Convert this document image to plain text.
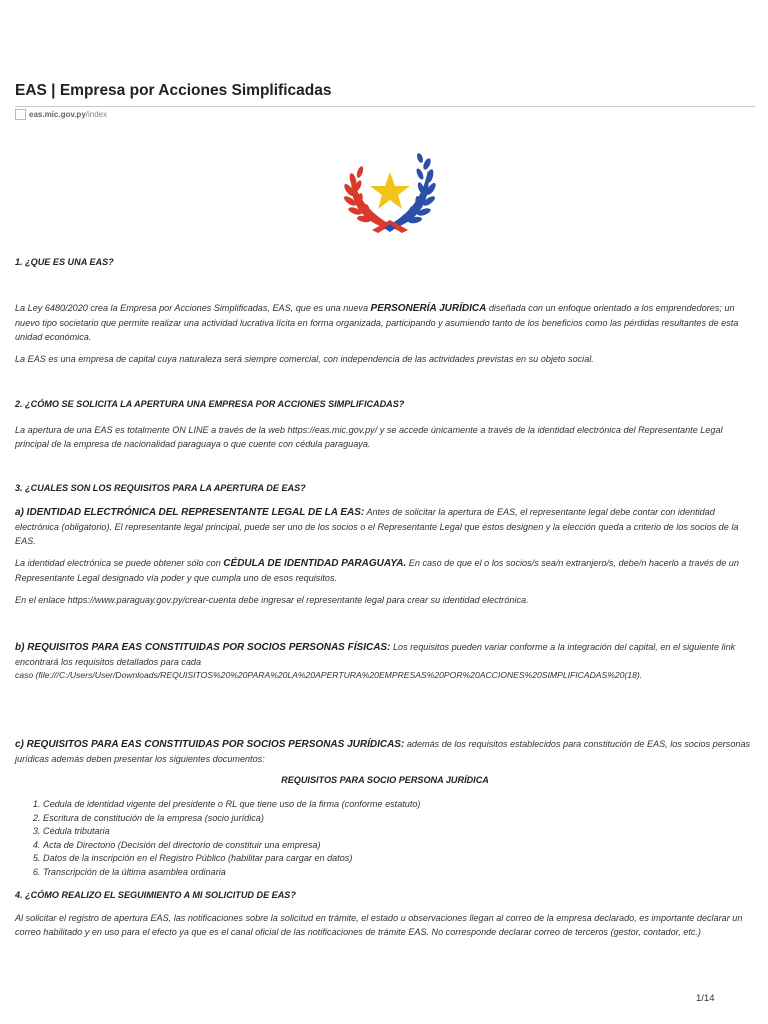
EAS | Empresa por Acciones Simplificadas
eas.mic.gov.py/index
1. ¿QUE ES UNA EAS?

La Ley 6480/2020 crea la Empresa por Acciones Simplificadas, EAS, que es una nueva PERSONERÍA JURÍDICA diseñada con un enfoque orientado a los emprendedores; un nuevo tipo societario que permite realizar una actividad lucrativa lícita en forma organizada, participando y asumiendo tanto de los beneficios como las pérdidas resultantes de esta unidad económica.

La EAS es una empresa de capital cuya naturaleza será siempre comercial, con independencia de las actividades previstas en su objeto social.

2. ¿CÓMO SE SOLICITA LA APERTURA UNA EMPRESA POR ACCIONES SIMPLIFICADAS?

La apertura de una EAS es totalmente ON LINE a través de la web https://eas.mic.gov.py/ y se accede únicamente a través de la identidad electrónica del Representante Legal principal de la empresa de nacionalidad paraguaya o que cuente con cédula paraguaya.

3. ¿CUALES SON LOS REQUISITOS PARA LA APERTURA DE EAS?

a) IDENTIDAD ELECTRÓNICA DEL REPRESENTANTE LEGAL DE LA EAS: Antes de solicitar la apertura de EAS, el representante legal debe contar con identidad electrónica (obligatorio). El representante legal principal, puede ser uno de los socios o el Representante Legal que éstos designen y la elección queda a criterio de los socios de la EAS.

La identidad electrónica se puede obtener sólo con CÉDULA DE IDENTIDAD PARAGUAYA. En caso de que el o los socios/s sea/n extranjero/s, debe/n hacerlo a través de un Representante Legal designado vía poder y que cumpla uno de esos requisitos.

En el enlace https://www.paraguay.gov.py/crear-cuenta debe ingresar el representante legal para crear su identidad electrónica.

b) REQUISITOS PARA EAS CONSTITUIDAS POR SOCIOS PERSONAS FÍSICAS: Los requisitos pueden variar conforme a la integración del capital, en el siguiente link encontrará los requisitos detallados para cada

caso (file:///C:/Users/User/Downloads/REQUISITOS%20%20PARA%20LA%20APERTURA%20EMPRESAS%20POR%20ACCIONES%20SIMPLIFICADAS%20(18).

c) REQUISITOS PARA EAS CONSTITUIDAS POR SOCIOS PERSONAS JURÍDICAS: además de los requisitos establecidos para constitución de EAS, los socios personas jurídicas además deben presentar los siguientes documentos:

REQUISITOS PARA SOCIO PERSONA JURÍDICA

1. Cedula de identidad vigente del presidente o RL que tiene uso de la firma (conforme estatuto)
2. Escritura de constitución de la empresa (socio jurídica)
3. Cédula tributaria
4. Acta de Directorio (Decisión del directorio de constituir una empresa)
5. Datos de la inscripción en el Registro Público (habilitar para cargar en datos)
6. Transcripción de la última asamblea ordinaria
4. ¿CÓMO REALIZO EL SEGUIMIENTO A MI SOLICITUD DE EAS?

Al solicitar el registro de apertura EAS, las notificaciones sobre la solicitud en trámite, el estado u observaciones llegan al correo de la empresa declarado, es importante declarar un correo habilitado y en uso para el efecto ya que es el canal oficial de las notificaciones de trámite EAS. No corresponde declarar correo de terceros (gestor, contador, etc.)

1/14
